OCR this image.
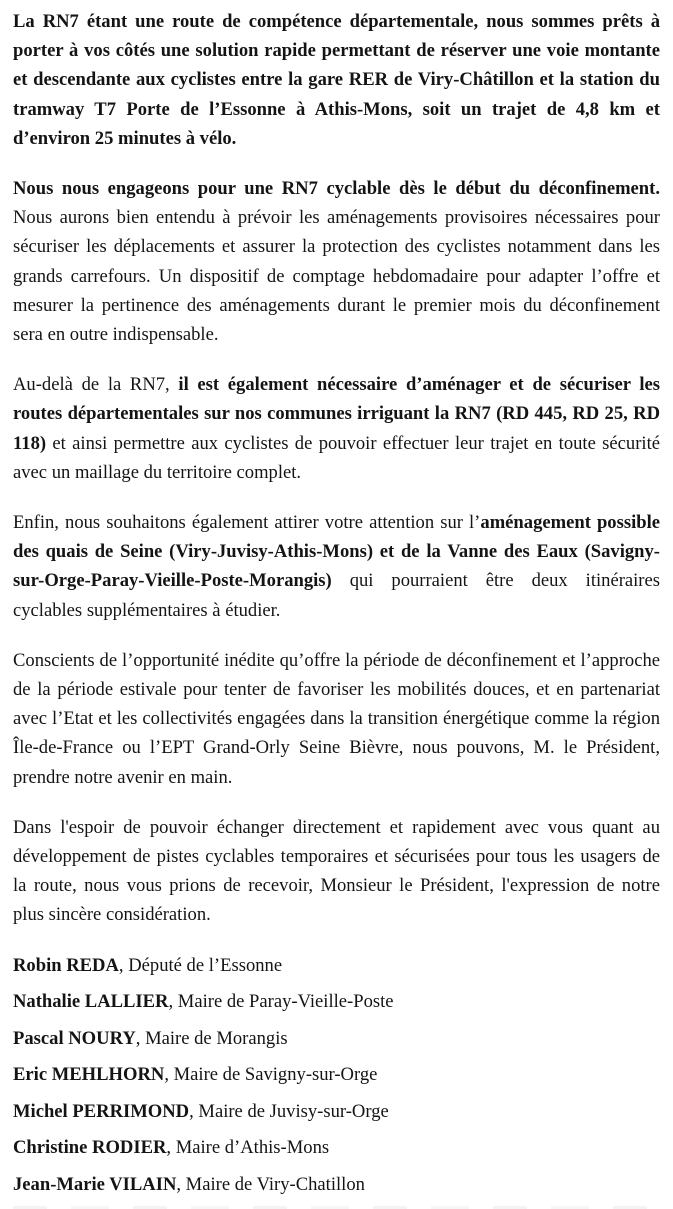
La RN7 étant une route de compétence départementale, nous sommes prêts à porter à vos côtés une solution rapide permettant de réserver une voie montante et descendante aux cyclistes entre la gare RER de Viry-Châtillon et la station du tramway T7 Porte de l’Essonne à Athis-Mons, soit un trajet de 4,8 km et d’environ 25 minutes à vélo.

Nous nous engageons pour une RN7 cyclable dès le début du déconfinement. Nous aurons bien entendu à prévoir les aménagements provisoires nécessaires pour sécuriser les déplacements et assurer la protection des cyclistes notamment dans les grands carrefours. Un dispositif de comptage hebdomadaire pour adapter l’offre et mesurer la pertinence des aménagements durant le premier mois du déconfinement sera en outre indispensable.

Au-delà de la RN7, il est également nécessaire d’aménager et de sécuriser les routes départementales sur nos communes irriguant la RN7 (RD 445, RD 25, RD 118) et ainsi permettre aux cyclistes de pouvoir effectuer leur trajet en toute sécurité avec un maillage du territoire complet.

Enfin, nous souhaitons également attirer votre attention sur l’aménagement possible des quais de Seine (Viry-Juvisy-Athis-Mons) et de la Vanne des Eaux (Savigny-sur-Orge-Paray-Vieille-Poste-Morangis) qui pourraient être deux itinéraires cyclables supplémentaires à étudier.

Conscients de l’opportunité inédite qu’offre la période de déconfinement et l’approche de la période estivale pour tenter de favoriser les mobilités douces, et en partenariat avec l’Etat et les collectivités engagées dans la transition énergétique comme la région Île-de-France ou l’EPT Grand-Orly Seine Bièvre, nous pouvons, M. le Président, prendre notre avenir en main.

Dans l'espoir de pouvoir échanger directement et rapidement avec vous quant au développement de pistes cyclables temporaires et sécurisées pour tous les usagers de la route, nous vous prions de recevoir, Monsieur le Président, l'expression de notre plus sincère considération.

Robin REDA, Député de l’Essonne

Nathalie LALLIER, Maire de Paray-Vieille-Poste

Pascal NOURY, Maire de Morangis

Eric MEHLHORN, Maire de Savigny-sur-Orge

Michel PERRIMOND, Maire de Juvisy-sur-Orge

Christine RODIER, Maire d’Athis-Mons

Jean-Marie VILAIN, Maire de Viry-Chatillon
